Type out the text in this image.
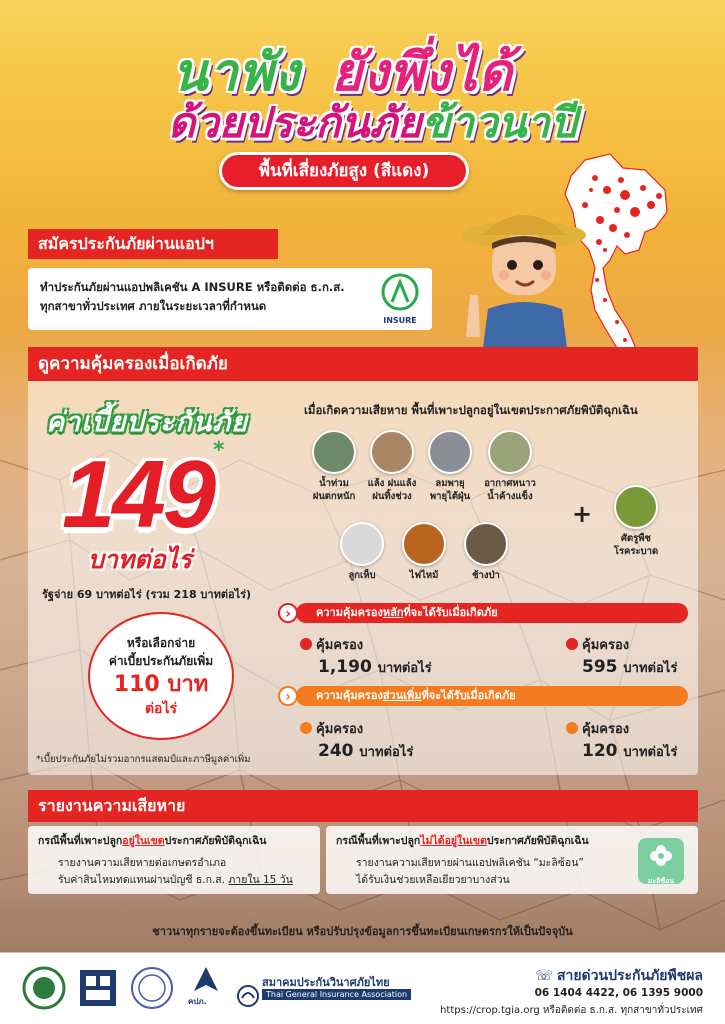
นาพัง ยังพึ่งได้
ด้วยประกันภัยข้าวนาปี
พื้นที่เสี่ยงภัยสูง (สีแดง)
สมัครประกันภัยผ่านแอปฯ
ทำประกันภัยผ่านแอปพลิเคชัน A INSURE หรือติดต่อ ธ.ก.ส.
ทุกสาขาทั่วประเทศ ภายในระยะเวลาที่กำหนด
INSURE
ดูความคุ้มครองเมื่อเกิดภัย
ค่าเบี้ยประกันภัย
149 *
บาทต่อไร่
รัฐจ่าย 69 บาทต่อไร่ (รวม 218 บาทต่อไร่)
หรือเลือกจ่าย
ค่าเบี้ยประกันภัยเพิ่ม
110 บาท
ต่อไร่
*เบี้ยประกันภัยไม่รวมอากรแสตมป์และภาษีมูลค่าเพิ่ม
เมื่อเกิดความเสียหาย พื้นที่เพาะปลูกอยู่ในเขตประกาศภัยพิบัติฉุกเฉิน
น้ำท่วม
ฝนตกหนัก
แล้ง ฝนแล้ง
ฝนทิ้งช่วง
ลมพายุ
พายุไต้ฝุ่น
อากาศหนาว
น้ำค้างแข็ง
ลูกเห็บ	ไฟไหม้	ช้างป่า
+
ศัตรูพืช
โรคระบาด
›	ความคุ้มครองหลักที่จะได้รับเมื่อเกิดภัย
คุ้มครอง
1,190 บาทต่อไร่
คุ้มครอง
595 บาทต่อไร่
›	ความคุ้มครองส่วนเพิ่มที่จะได้รับเมื่อเกิดภัย
คุ้มครอง
240 บาทต่อไร่
คุ้มครอง
120 บาทต่อไร่
รายงานความเสียหาย
กรณีพื้นที่เพาะปลูกอยู่ในเขตประกาศภัยพิบัติฉุกเฉิน
รายงานความเสียหายต่อเกษตรอำเภอ
รับค่าสินไหมทดแทนผ่านบัญชี ธ.ก.ส. ภายใน 15 วัน
กรณีพื้นที่เพาะปลูกไม่ได้อยู่ในเขตประกาศภัยพิบัติฉุกเฉิน
รายงานความเสียหายผ่านแอปพลิเคชัน “มะลิซ้อน”
ได้รับเงินช่วยเหลือเยียวยาบางส่วน	มะลิซ้อน
ชาวนาทุกรายจะต้องขึ้นทะเบียน หรือปรับปรุงข้อมูลการขึ้นทะเบียนเกษตรกรให้เป็นปัจจุบัน
คปภ.
สมาคมประกันวินาศภัยไทย
Thai General Insurance Association
☏ สายด่วนประกันภัยพืชผล
06 1404 4422, 06 1395 9000
https://crop.tgia.org หรือติดต่อ ธ.ก.ส. ทุกสาขาทั่วประเทศ
